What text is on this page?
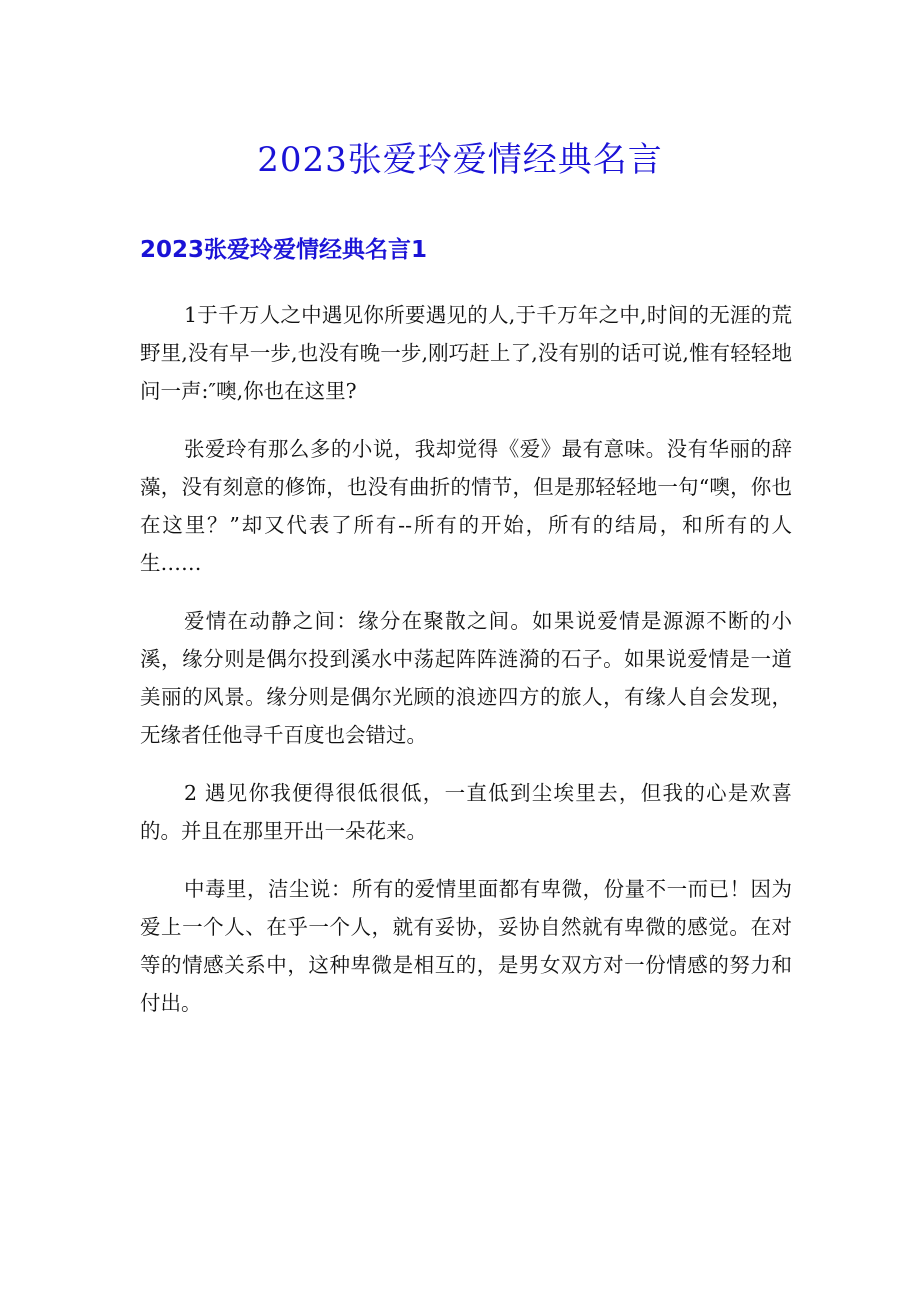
2023张爱玲爱情经典名言
2023张爱玲爱情经典名言1

1于千万人之中遇见你所要遇见的人,于千万年之中,时间的无涯的荒野里,没有早一步,也没有晚一步,刚巧赶上了,没有别的话可说,惟有轻轻地问一声:″噢,你也在这里?

张爱玲有那么多的小说，我却觉得《爱》最有意味。没有华丽的辞藻，没有刻意的修饰，也没有曲折的情节，但是那轻轻地一句“噢，你也在这里？”却又代表了所有--所有的开始，所有的结局，和所有的人生……

爱情在动静之间：缘分在聚散之间。如果说爱情是源源不断的小溪，缘分则是偶尔投到溪水中荡起阵阵涟漪的石子。如果说爱情是一道美丽的风景。缘分则是偶尔光顾的浪迹四方的旅人，有缘人自会发现，无缘者任他寻千百度也会错过。

2 遇见你我便得很低很低，一直低到尘埃里去，但我的心是欢喜的。并且在那里开出一朵花来。

中毒里，洁尘说：所有的爱情里面都有卑微，份量不一而已！因为爱上一个人、在乎一个人，就有妥协，妥协自然就有卑微的感觉。在对等的情感关系中，这种卑微是相互的，是男女双方对一份情感的努力和付出。
